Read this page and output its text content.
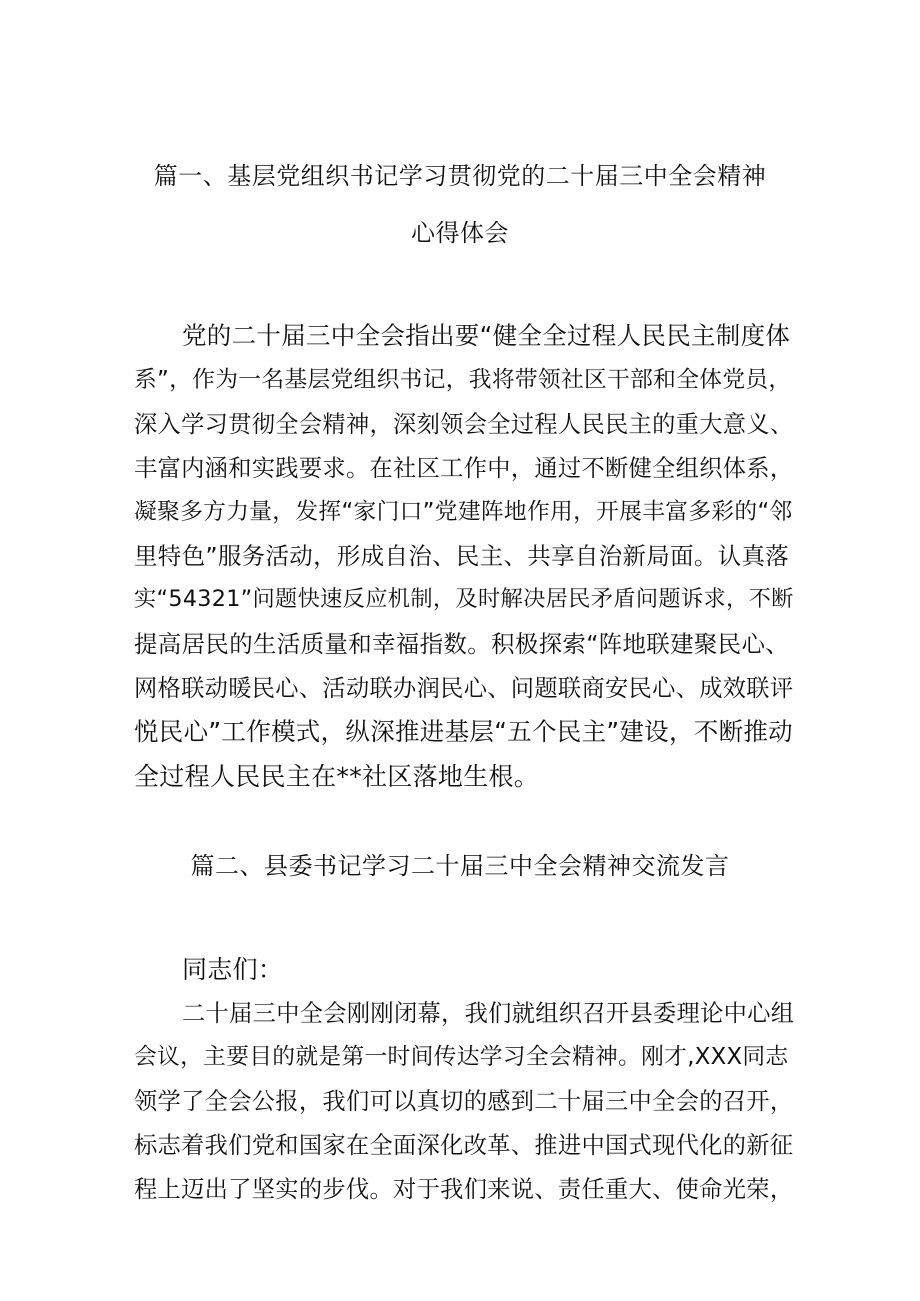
篇一、基层党组织书记学习贯彻党的二十届三中全会精神
心得体会
党的二十届三中全会指出要“健全全过程人民民主制度体
系”，作为一名基层党组织书记，我将带领社区干部和全体党员，
深入学习贯彻全会精神，深刻领会全过程人民民主的重大意义、
丰富内涵和实践要求。在社区工作中，通过不断健全组织体系，
凝聚多方力量，发挥“家门口”党建阵地作用，开展丰富多彩的“邻
里特色”服务活动，形成自治、民主、共享自治新局面。认真落
实“54321”问题快速反应机制，及时解决居民矛盾问题诉求，不断
提高居民的生活质量和幸福指数。积极探索“阵地联建聚民心、
网格联动暖民心、活动联办润民心、问题联商安民心、成效联评
悦民心”工作模式，纵深推进基层“五个民主”建设，不断推动
全过程人民民主在**社区落地生根。
篇二、县委书记学习二十届三中全会精神交流发言
同志们：
二十届三中全会刚刚闭幕，我们就组织召开县委理论中心组
会议，主要目的就是第一时间传达学习全会精神。刚才,XXX同志
领学了全会公报，我们可以真切的感到二十届三中全会的召开，
标志着我们党和国家在全面深化改革、推进中国式现代化的新征
程上迈出了坚实的步伐。对于我们来说、责任重大、使命光荣，
